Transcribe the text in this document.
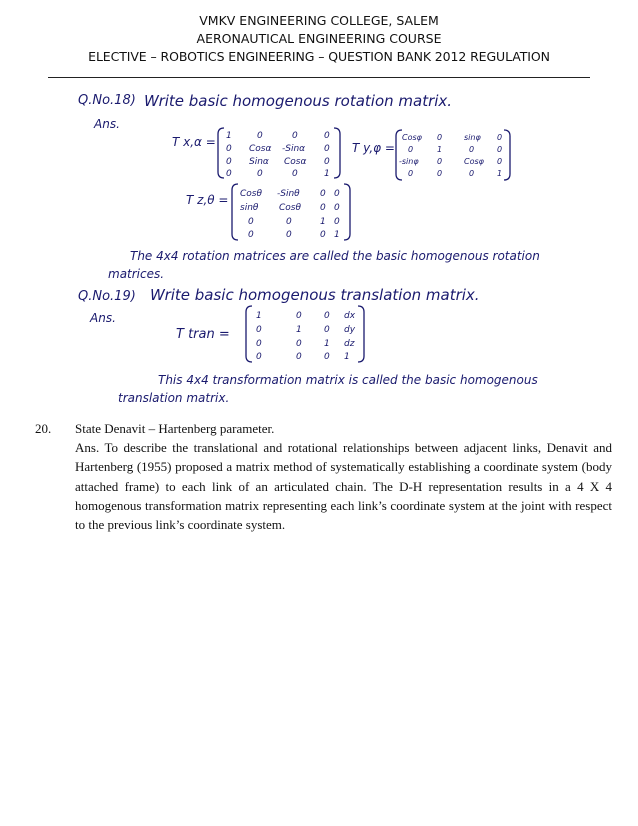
VMKV ENGINEERING COLLEGE, SALEM
AERONAUTICAL ENGINEERING COURSE
ELECTIVE – ROBOTICS ENGINEERING – QUESTION BANK 2012 REGULATION
Q.No.18) Write basic homogenous rotation matrix.
Ans.
T x,α = 1	0	0	0
0 Cosα -Sinα 0
0 Sinα Cosα 0
0	0	0	1
T y,φ =
Cosφ 0	sinφ 0
0	1	0	0
-sinφ 0	Cosφ 0
0	0	0	1
T z,θ = Cosθ -Sinθ 0 0
sinθ Cosθ 0 0
0	0	1 0
0	0	0 1
The 4x4 rotation matrices are called the basic homogenous rotation
matrices.
Q.No.19) Write basic homogenous translation matrix.
Ans.
T tran =
1	0 0 dx
0	1 0 dy
0	0 1 dz
0	0 0 1
This 4x4 transformation matrix is called the basic homogenous
translation matrix.
20. State Denavit – Hartenberg parameter.
Ans. To describe the translational and rotational relationships between adjacent links, Denavit and Hartenberg (1955) proposed a matrix method of systematically establishing a coordinate system (body attached frame) to each link of an articulated chain. The D-H representation results in a 4 X 4 homogenous transformation matrix representing each link’s coordinate system at the joint with respect to the previous link’s coordinate system.
